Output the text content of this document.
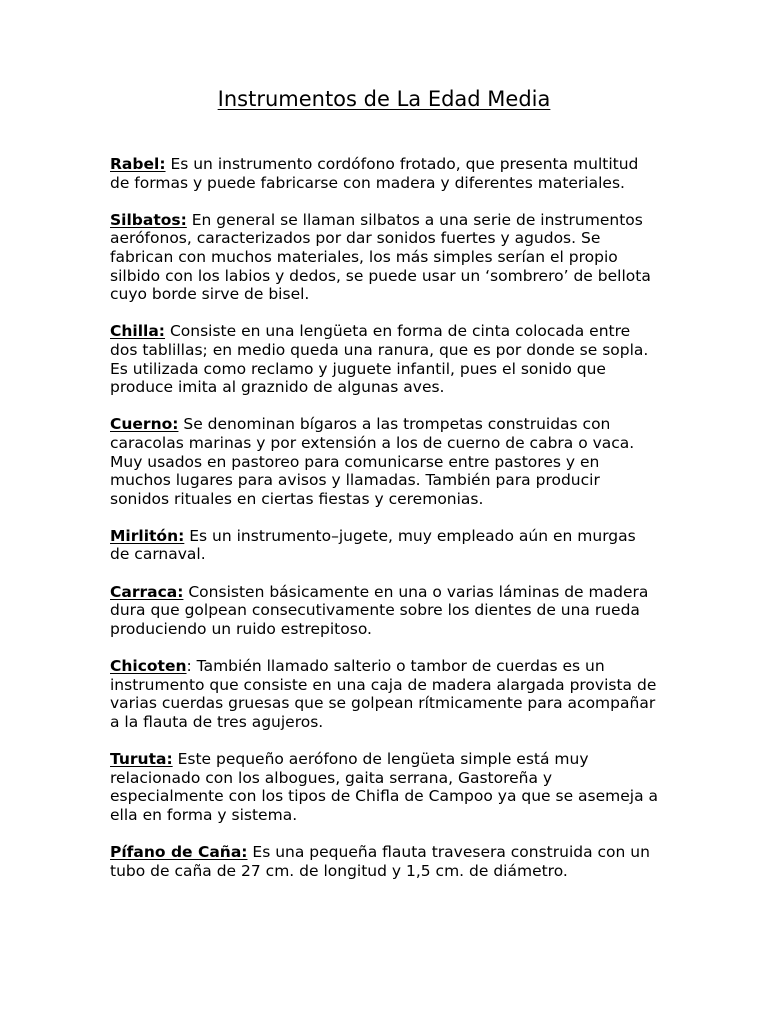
Instrumentos de La Edad Media

Rabel: Es un instrumento cordófono frotado, que presenta multitud de formas y puede fabricarse con madera y diferentes materiales.

Silbatos: En general se llaman silbatos a una serie de instrumentos aerófonos, caracterizados por dar sonidos fuertes y agudos. Se fabrican con muchos materiales, los más simples serían el propio silbido con los labios y dedos, se puede usar un ‘sombrero’ de bellota cuyo borde sirve de bisel.

Chilla: Consiste en una lengüeta en forma de cinta colocada entre dos tablillas; en medio queda una ranura, que es por donde se sopla. Es utilizada como reclamo y juguete infantil, pues el sonido que produce imita al graznido de algunas aves.

Cuerno: Se denominan bígaros a las trompetas construidas con caracolas marinas y por extensión a los de cuerno de cabra o vaca. Muy usados en pastoreo para comunicarse entre pastores y en muchos lugares para avisos y llamadas. También para producir sonidos rituales en ciertas fiestas y ceremonias.

Mirlitón: Es un instrumento–jugete, muy empleado aún en murgas de carnaval.

Carraca: Consisten básicamente en una o varias láminas de madera dura que golpean consecutivamente sobre los dientes de una rueda produciendo un ruido estrepitoso.

Chicoten: También llamado salterio o tambor de cuerdas es un instrumento que consiste en una caja de madera alargada provista de varias cuerdas gruesas que se golpean rítmicamente para acompañar a la flauta de tres agujeros.

Turuta: Este pequeño aerófono de lengüeta simple está muy relacionado con los albogues, gaita serrana, Gastoreña y especialmente con los tipos de Chifla de Campoo ya que se asemeja a ella en forma y sistema.

Pífano de Caña: Es una pequeña flauta travesera construida con un tubo de caña de 27 cm. de longitud y 1,5 cm. de diámetro.
